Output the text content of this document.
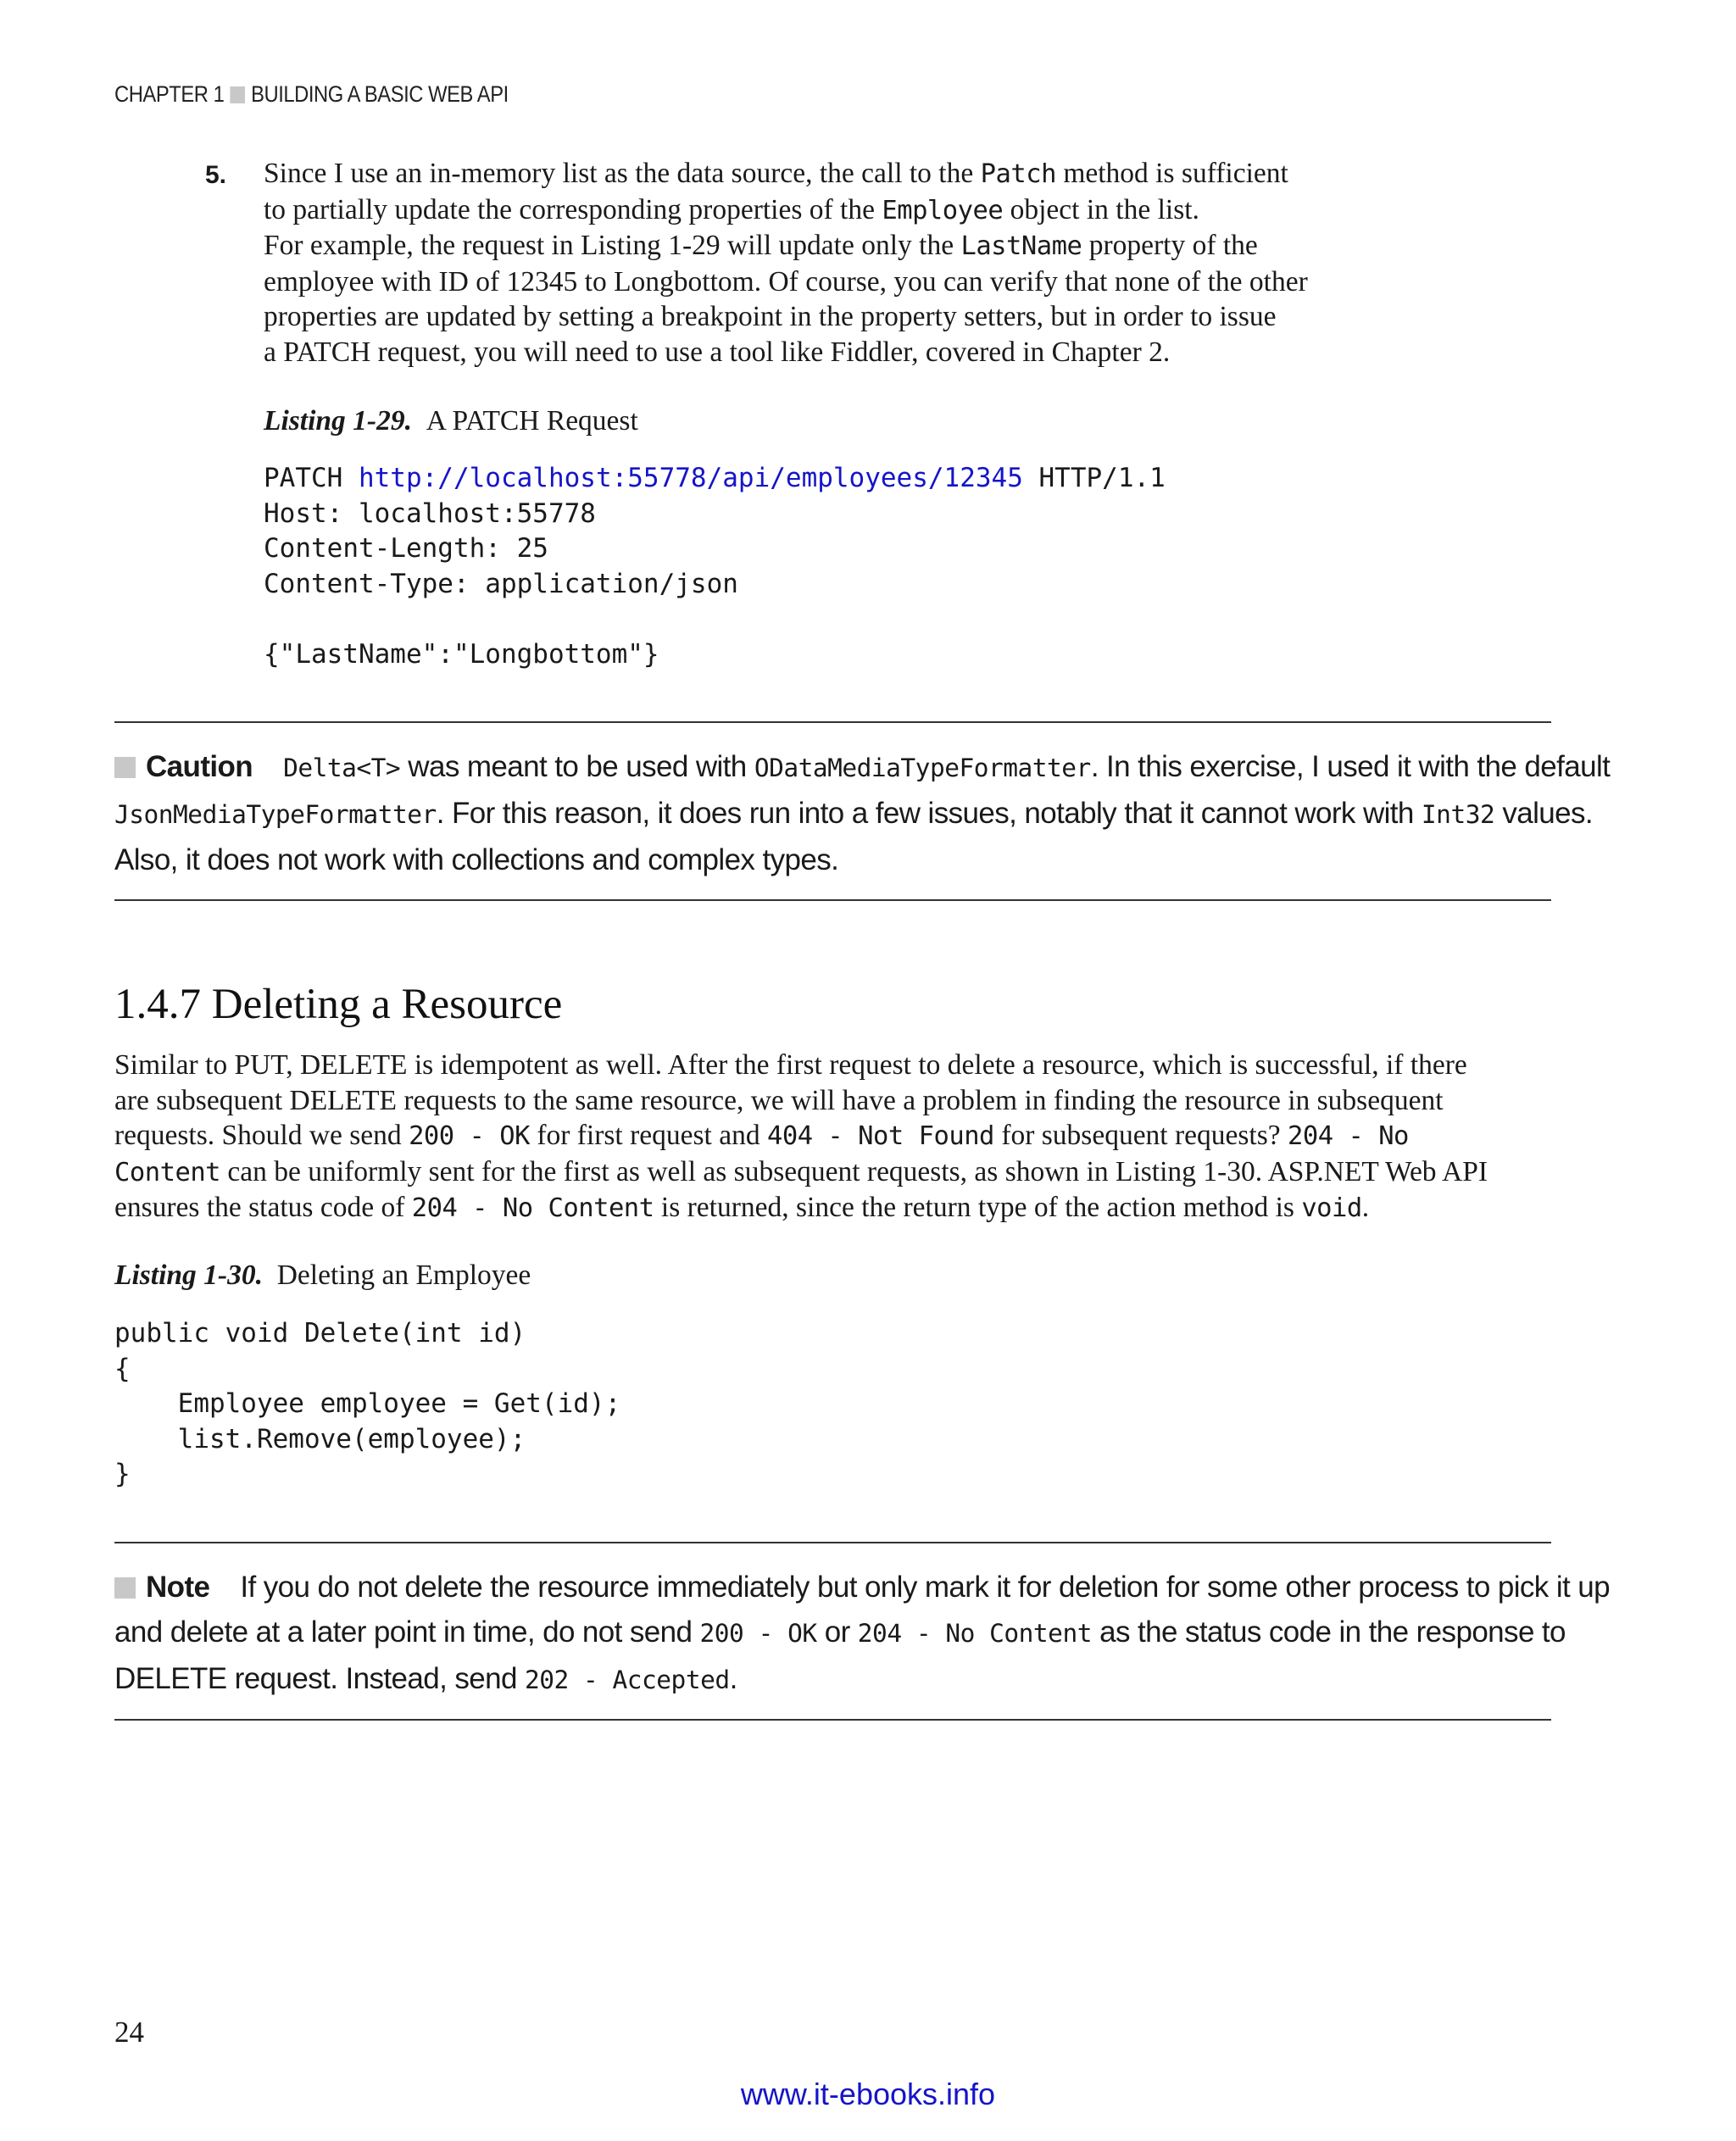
CHAPTER 1 BUILDING A BASIC WEB API
5. Since I use an in-memory list as the data source, the call to the Patch method is sufficient
to partially update the corresponding properties of the Employee object in the list.
For example, the request in Listing 1-29 will update only the LastName property of the
employee with ID of 12345 to Longbottom. Of course, you can verify that none of the other
properties are updated by setting a breakpoint in the property setters, but in order to issue
a PATCH request, you will need to use a tool like Fiddler, covered in Chapter 2.
Listing 1-29. A PATCH Request
PATCH http://localhost:55778/api/employees/12345 HTTP/1.1
Host: localhost:55778
Content-Length: 25
Content-Type: application/json
{"LastName":"Longbottom"}
Caution Delta<T> was meant to be used with ODataMediaTypeFormatter. In this exercise, I used it with the default
JsonMediaTypeFormatter. For this reason, it does run into a few issues, notably that it cannot work with Int32 values.
Also, it does not work with collections and complex types.
1.4.7 Deleting a Resource
Similar to PUT, DELETE is idempotent as well. After the first request to delete a resource, which is successful, if there
are subsequent DELETE requests to the same resource, we will have a problem in finding the resource in subsequent
requests. Should we send 200 - OK for first request and 404 - Not Found for subsequent requests? 204 - No
Content can be uniformly sent for the first as well as subsequent requests, as shown in Listing 1-30. ASP.NET Web API
ensures the status code of 204 - No Content is returned, since the return type of the action method is void.
Listing 1-30. Deleting an Employee
public void Delete(int id)
{
Employee employee = Get(id);
list.Remove(employee);
}
Note If you do not delete the resource immediately but only mark it for deletion for some other process to pick it up
and delete at a later point in time, do not send 200 - OK or 204 - No Content as the status code in the response to
DELETE request. Instead, send 202 - Accepted.
24
www.it-ebooks.info
